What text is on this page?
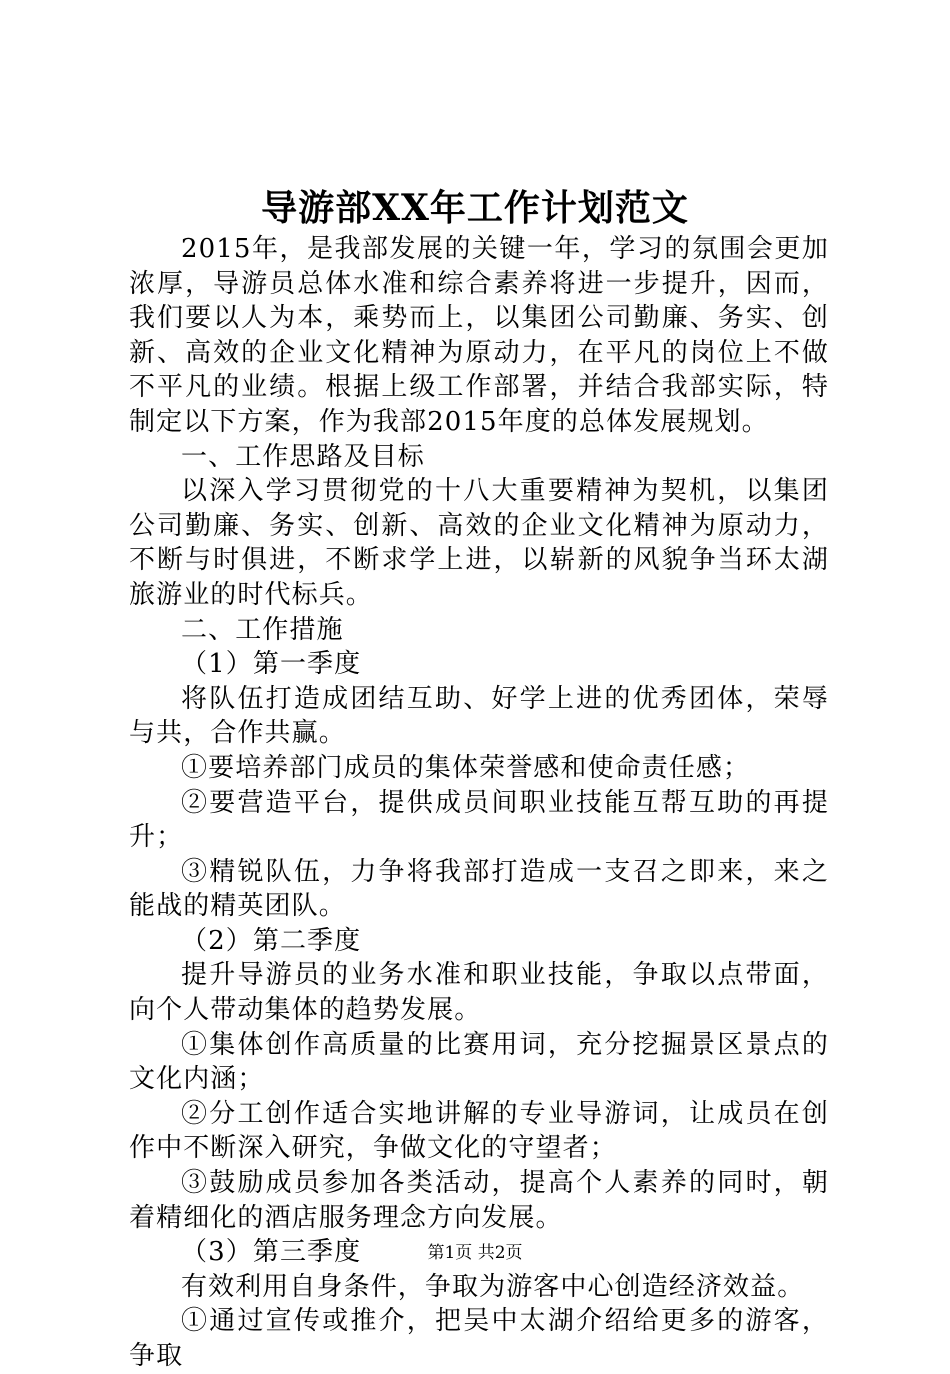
导游部XX年工作计划范文

2015年，是我部发展的关键一年，学习的氛围会更加浓厚，导游员总体水准和综合素养将进一步提升，因而，我们要以人为本，乘势而上，以集团公司勤廉、务实、创新、高效的企业文化精神为原动力，在平凡的岗位上不做不平凡的业绩。根据上级工作部署，并结合我部实际，特制定以下方案，作为我部2015年度的总体发展规划。

一、工作思路及目标

以深入学习贯彻党的十八大重要精神为契机，以集团公司勤廉、务实、创新、高效的企业文化精神为原动力，不断与时俱进，不断求学上进，以崭新的风貌争当环太湖旅游业的时代标兵。

二、工作措施

（1）第一季度

将队伍打造成团结互助、好学上进的优秀团体，荣辱与共，合作共赢。

①要培养部门成员的集体荣誉感和使命责任感；

②要营造平台，提供成员间职业技能互帮互助的再提升；

③精锐队伍，力争将我部打造成一支召之即来，来之能战的精英团队。

（2）第二季度

提升导游员的业务水准和职业技能，争取以点带面，向个人带动集体的趋势发展。

①集体创作高质量的比赛用词，充分挖掘景区景点的文化内涵；

②分工创作适合实地讲解的专业导游词，让成员在创作中不断深入研究，争做文化的守望者；

③鼓励成员参加各类活动，提高个人素养的同时，朝着精细化的酒店服务理念方向发展。

（3）第三季度

有效利用自身条件，争取为游客中心创造经济效益。

①通过宣传或推介，把吴中太湖介绍给更多的游客，争取

第1页 共2页
